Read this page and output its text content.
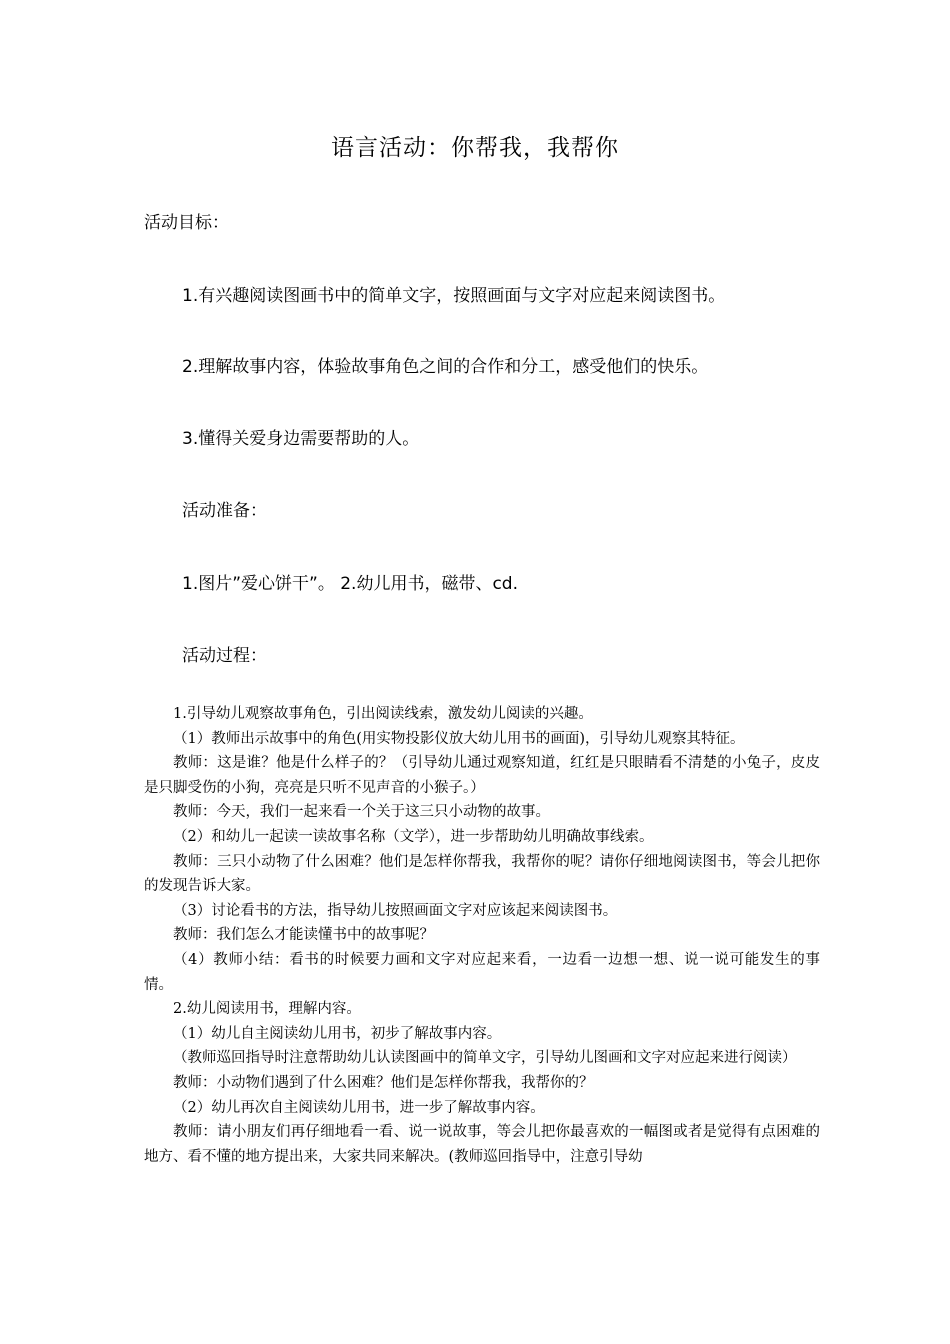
语言活动：你帮我，我帮你
活动目标：
1.有兴趣阅读图画书中的简单文字，按照画面与文字对应起来阅读图书。
2.理解故事内容，体验故事角色之间的合作和分工，感受他们的快乐。
3.懂得关爱身边需要帮助的人。
活动准备：
1.图片”爱心饼干”。 2.幼儿用书，磁带、cd.
活动过程：

1.引导幼儿观察故事角色，引出阅读线索，激发幼儿阅读的兴趣。

（1）教师出示故事中的角色(用实物投影仪放大幼儿用书的画面)，引导幼儿观察其特征。

教师：这是谁？他是什么样子的？（引导幼儿通过观察知道，红红是只眼睛看不清楚的小兔子，皮皮是只脚受伤的小狗，亮亮是只听不见声音的小猴子。）

教师：今天，我们一起来看一个关于这三只小动物的故事。

（2）和幼儿一起读一读故事名称（文学），进一步帮助幼儿明确故事线索。

教师：三只小动物了什么困难？他们是怎样你帮我，我帮你的呢？请你仔细地阅读图书，等会儿把你的发现告诉大家。

（3）讨论看书的方法，指导幼儿按照画面文字对应该起来阅读图书。

教师：我们怎么才能读懂书中的故事呢？

（4）教师小结：看书的时候要力画和文字对应起来看，一边看一边想一想、说一说可能发生的事情。

2.幼儿阅读用书，理解内容。

（1）幼儿自主阅读幼儿用书，初步了解故事内容。

（教师巡回指导时注意帮助幼儿认读图画中的简单文字，引导幼儿图画和文字对应起来进行阅读）

教师：小动物们遇到了什么困难？他们是怎样你帮我，我帮你的？

（2）幼儿再次自主阅读幼儿用书，进一步了解故事内容。

教师：请小朋友们再仔细地看一看、说一说故事，等会儿把你最喜欢的一幅图或者是觉得有点困难的地方、看不懂的地方提出来，大家共同来解决。(教师巡回指导中，注意引导幼
